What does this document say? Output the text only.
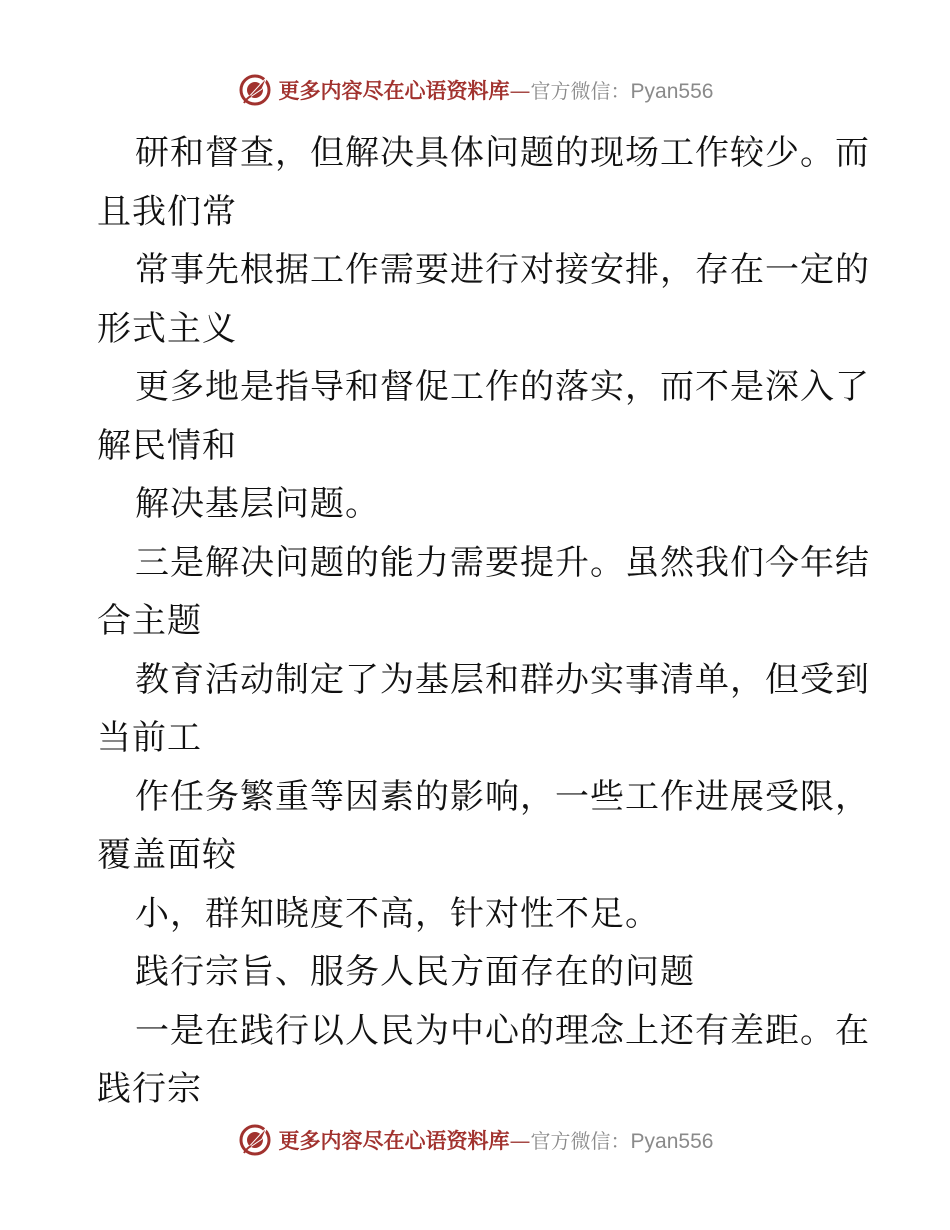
更多内容尽在心语资料库 — 官方微信： Pyan556
研和督查，但解决具体问题的现场工作较少。而
且我们常
常事先根据工作需要进行对接安排，存在一定的
形式主义
更多地是指导和督促工作的落实，而不是深入了
解民情和
解决基层问题。
三是解决问题的能力需要提升。虽然我们今年结
合主题
教育活动制定了为基层和群办实事清单，但受到
当前工
作任务繁重等因素的影响，一些工作进展受限，
覆盖面较
小，群知晓度不高，针对性不足。
践行宗旨、服务人民方面存在的问题
一是在践行以人民为中心的理念上还有差距。在
践行宗
更多内容尽在心语资料库 — 官方微信： Pyan556
